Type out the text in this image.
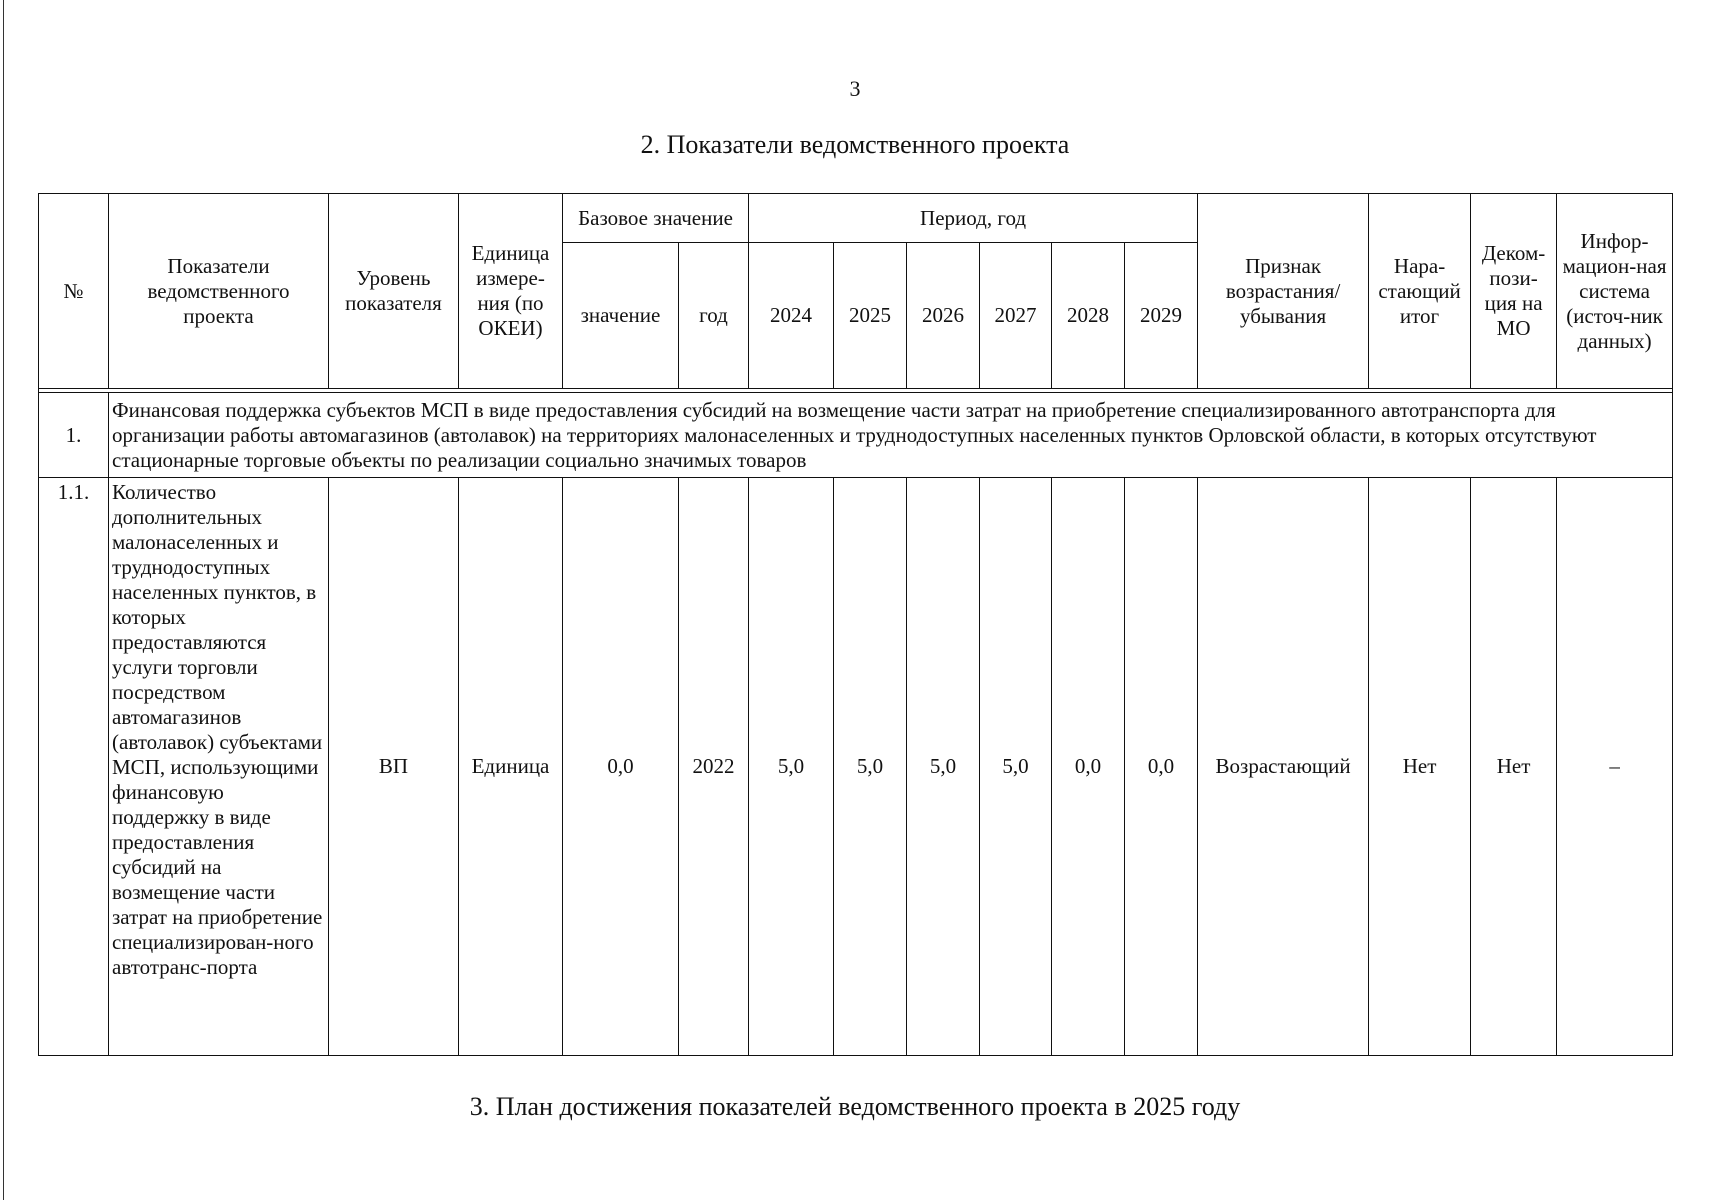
3
2. Показатели ведомственного проекта
№	Показатели ведомственного проекта	Уровень показателя	Единица измере-ния (по ОКЕИ)	Базовое значение		Период, год						Признак возрастания/ убывания	Нара-стающий итог	Деком-пози-ция на МО	Инфор-мацион-ная система (источ-ник данных)
				значение	год	2024	2025	2026	2027	2028	2029				

1.	Финансовая поддержка субъектов МСП в виде предоставления субсидий на возмещение части затрат на приобретение специализированного автотранспорта для организации работы автомагазинов (автолавок) на территориях малонаселенных и труднодоступных населенных пунктов Орловской области, в которых отсутствуют стационарные торговые объекты по реализации социально значимых товаров														
1.1.	Количество дополнительных малонаселенных и труднодоступных населенных пунктов, в которых предоставляются услуги торговли посредством автомагазинов (автолавок) субъектами МСП, использующими финансовую поддержку в виде предоставления субсидий на возмещение части затрат на приобретение специализирован-ного автотранс-порта	ВП	Единица	0,0	2022	5,0	5,0	5,0	5,0	0,0	0,0	Возрастающий	Нет	Нет	–
3. План достижения показателей ведомственного проекта в 2025 году
